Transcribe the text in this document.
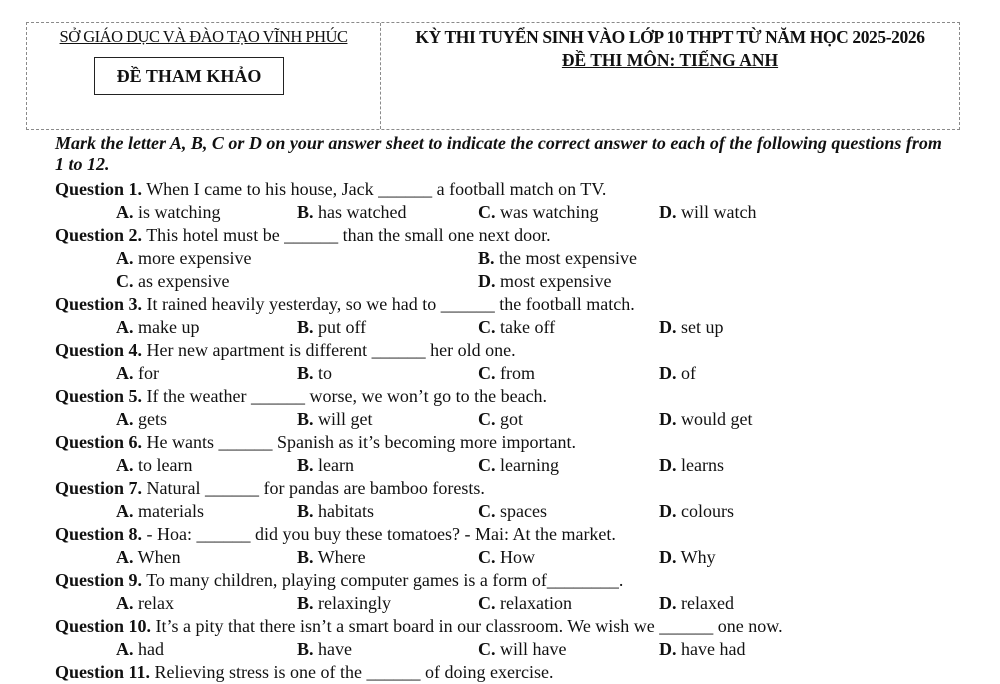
SỞ GIÁO DỤC VÀ ĐÀO TẠO VĨNH PHÚC
ĐỀ THAM KHẢO
KỲ THI TUYỂN SINH VÀO LỚP 10 THPT TỪ NĂM HỌC 2025-2026
ĐỀ THI MÔN: TIẾNG ANH
Mark the letter A, B, C or D on your answer sheet to indicate the correct answer to each of the following questions from 1 to 12.
Question 1. When I came to his house, Jack ______ a football match on TV.
A. is watching	B. has watched	C. was watching	D. will watch
Question 2. This hotel must be ______ than the small one next door.
A. more expensive	B. the most expensive
C. as expensive	D. most expensive
Question 3. It rained heavily yesterday, so we had to ______ the football match.
A. make up	B. put off	C. take off	D. set up
Question 4. Her new apartment is different ______ her old one.
A. for	B. to	C. from	D. of
Question 5. If the weather ______ worse, we won’t go to the beach.
A. gets	B. will get	C. got	D. would get
Question 6. He wants ______ Spanish as it’s becoming more important.
A. to learn	B. learn	C. learning	D. learns
Question 7. Natural ______ for pandas are bamboo forests.
A. materials	B. habitats	C. spaces	D. colours
Question 8. - Hoa: ______ did you buy these tomatoes? - Mai: At the market.
A. When	B. Where	C. How	D. Why
Question 9. To many children, playing computer games is a form of________.
A. relax	B. relaxingly	C. relaxation	D. relaxed
Question 10. It’s a pity that there isn’t a smart board in our classroom. We wish we ______ one now.
A. had	B. have	C. will have	D. have had
Question 11. Relieving stress is one of the ______ of doing exercise.
